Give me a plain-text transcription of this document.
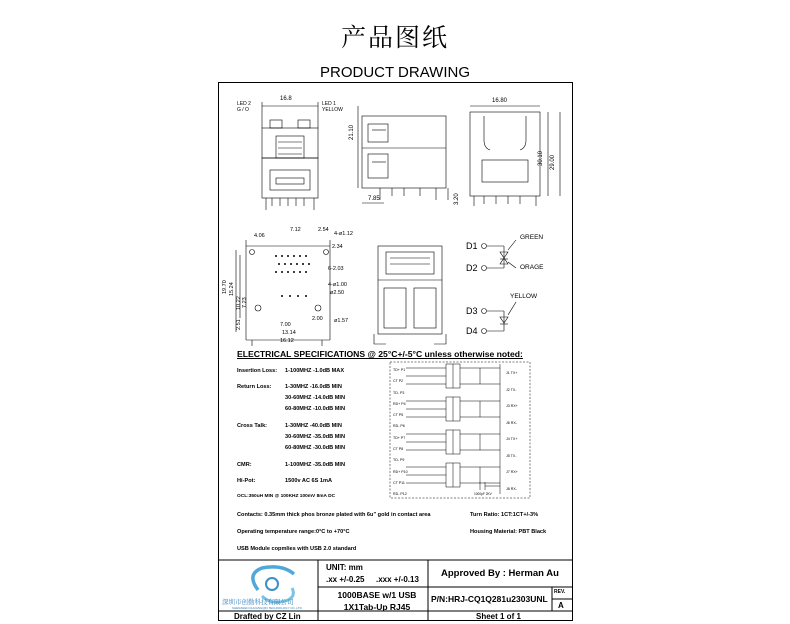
产品图纸
PRODUCT DRAWING
LED 2
G / O
LED 1
YELLOW
16.8
21.10
7.85	3.20
16.80
30.10 29.00
4.06
7.12	2.54
4-ø1.12
2.34
6-2.03
4-ø1.00
ø2.50
ø1.57
19.70 15.24
10.22 7.23
2.51
2.00
7.00
13.14
16.12
D1
D2
D3
D4
GREEN
ORAGE
YELLOW
ELECTRICAL SPECIFICATIONS @ 25°C+/-5°C unless otherwise noted:
Insertion Loss: 1-100MHZ -1.0dB MAX
Return Loss: 1-30MHZ -16.0dB MIN
30-60MHZ -14.0dB MIN
60-80MHZ -10.0dB MIN
Cross Talk:	1-30MHZ -40.0dB MIN
30-60MHZ -35.0dB MIN
60-80MHZ -30.0dB MIN
CMR:	1-100MHZ -35.0dB MIN
Hi-Pot:	1500v AC 6S 1mA
OCL:350uH MIN @ 100KHZ 100mV 8mA DC
Contacts: 0.35mm thick phos bronze plated with 6u" gold in contact area	Turn Ratio: 1CT:1CT+/-3%
Operating temperature range:0°C to +70°C	Housing Material: PBT Black
USB Module copmlies with USB 2.0 standard
TD+ P1
CT P2
TD- P3
RD+ P4
CT P5
RD- P6
TD+ P7
CT P8
TD- P9
RD+ P10
CT P11
RD- P12
J1 TX+
J2 TX-
J3 RX+
J6 RX-
J4 TX+
J5 TX-
J7 RX+
J8 RX-
1000pF 2KV
UNIT: mm
.xx +/-0.25 .xxx +/-0.13
Approved By : Herman Au
1000BASE w/1 USB
1X1Tab-Up RJ45
P/N:HRJ-CQ1Q281u2303UNL
REV.
A
Drafted by CZ Lin	Sheet 1 of 1
深圳市创勤科技有限公司
SHENZHEN CHUANGQIN TECHNOLOGY CO.,LTD
